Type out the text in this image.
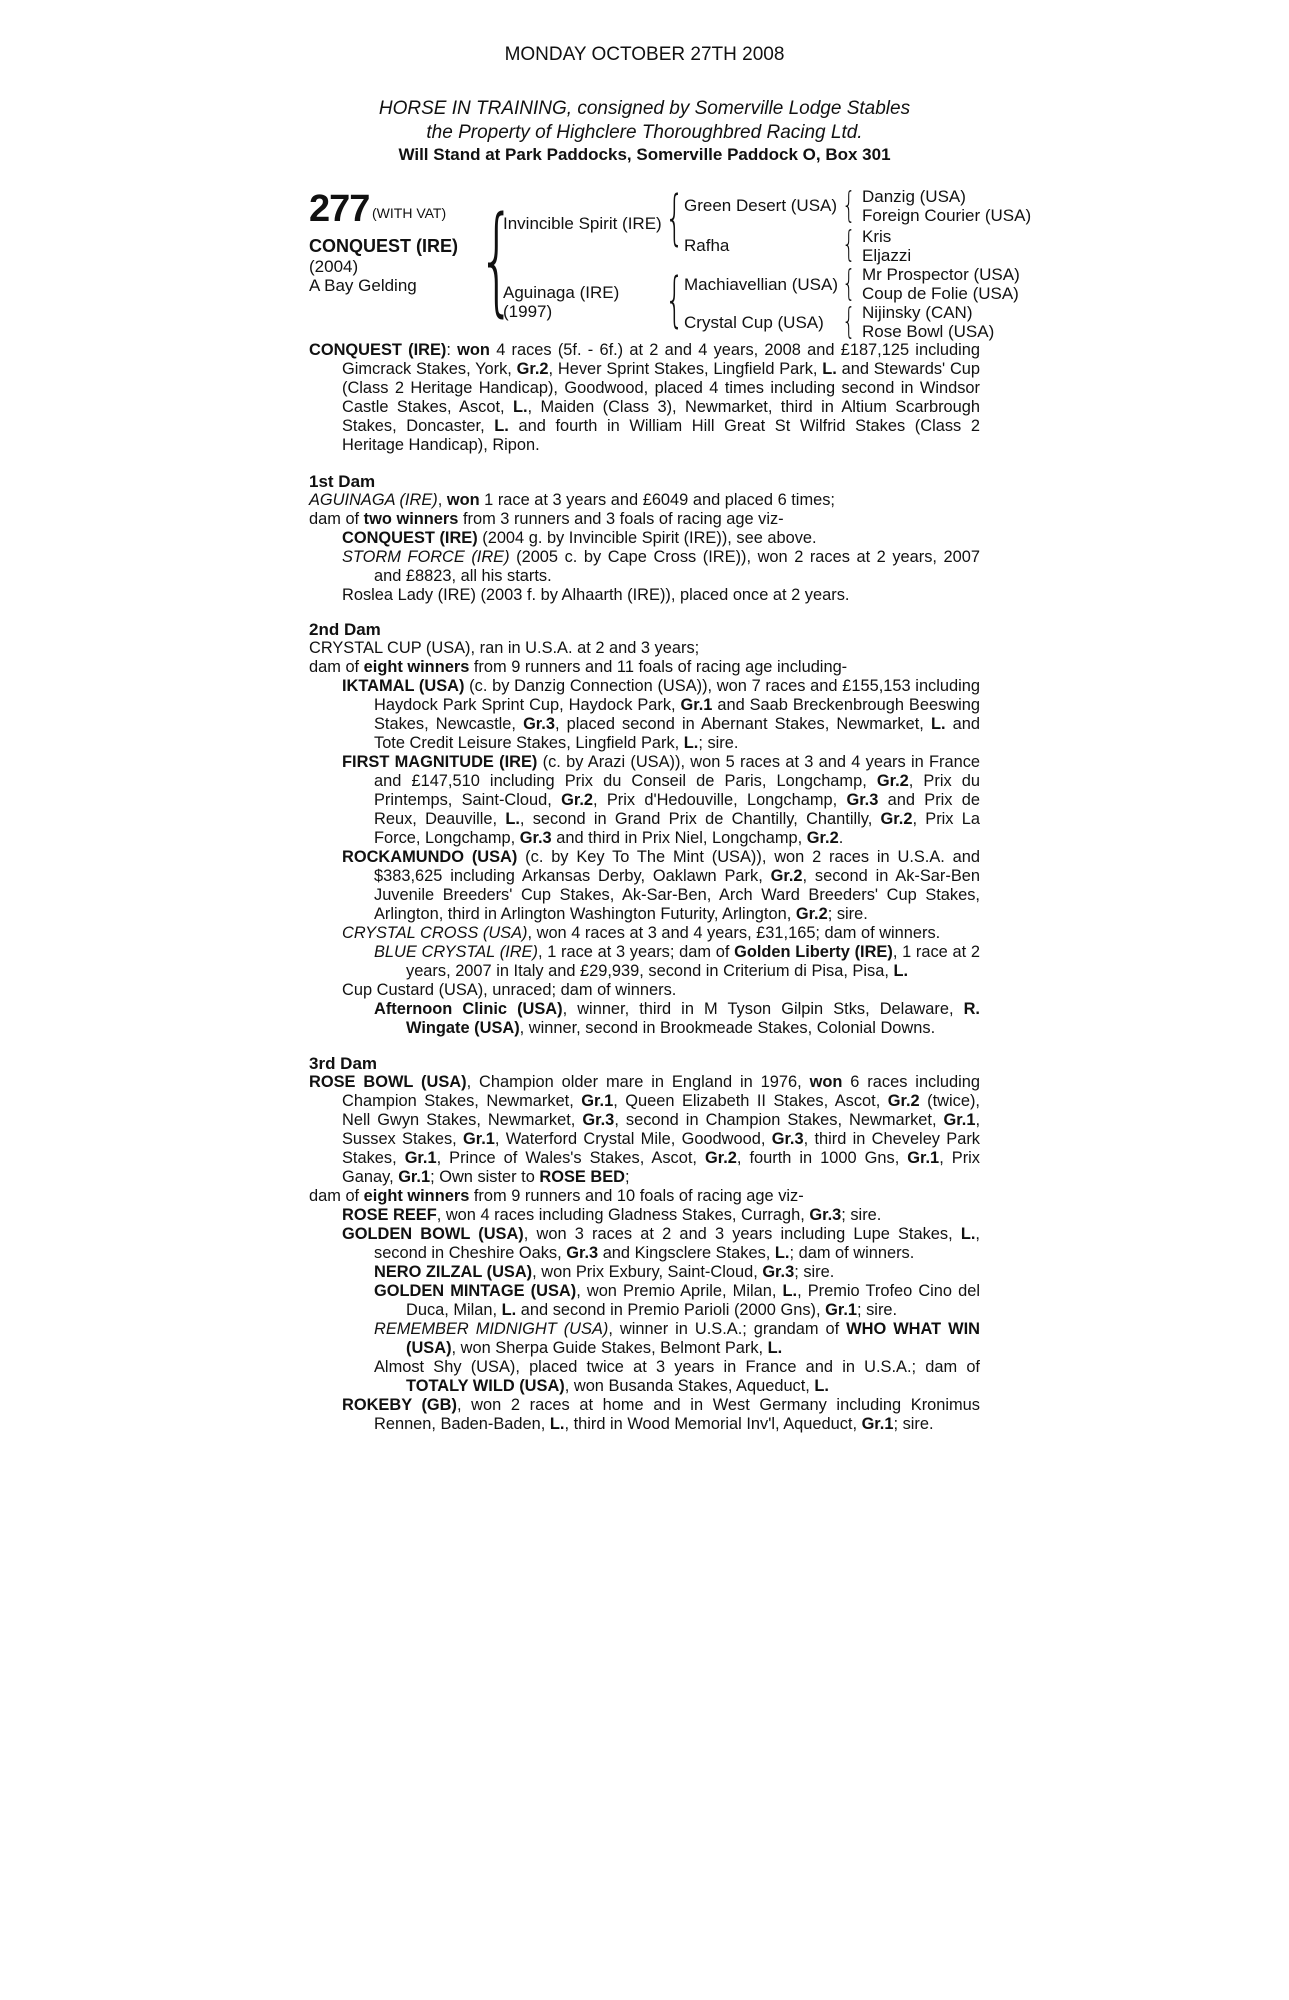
MONDAY OCTOBER 27TH 2008
HORSE IN TRAINING, consigned by Somerville Lodge Stables
the Property of Highclere Thoroughbred Racing Ltd.
Will Stand at Park Paddocks, Somerville Paddock O, Box 301
277 (WITH VAT)
CONQUEST (IRE)
(2004)
A Bay Gelding {
Invincible Spirit (IRE)
Aguinaga (IRE)
(1997)
{ Green Desert (USA)
Rafha
{ Machiavellian (USA)
Crystal Cup (USA)
{ Danzig (USA)
Foreign Courier (USA)
{ Kris
Eljazzi
{ Mr Prospector (USA)
Coup de Folie (USA)
{ Nijinsky (CAN)
Rose Bowl (USA)

CONQUEST (IRE): won 4 races (5f. - 6f.) at 2 and 4 years, 2008 and £187,125 including Gimcrack Stakes, York, Gr.2, Hever Sprint Stakes, Lingfield Park, L. and Stewards' Cup (Class 2 Heritage Handicap), Goodwood, placed 4 times including second in Windsor Castle Stakes, Ascot, L., Maiden (Class 3), Newmarket, third in Altium Scarbrough Stakes, Doncaster, L. and fourth in William Hill Great St Wilfrid Stakes (Class 2 Heritage Handicap), Ripon.

1st Dam

AGUINAGA (IRE), won 1 race at 3 years and £6049 and placed 6 times;

dam of two winners from 3 runners and 3 foals of racing age viz-

CONQUEST (IRE) (2004 g. by Invincible Spirit (IRE)), see above.

STORM FORCE (IRE) (2005 c. by Cape Cross (IRE)), won 2 races at 2 years, 2007 and £8823, all his starts.

Roslea Lady (IRE) (2003 f. by Alhaarth (IRE)), placed once at 2 years.

2nd Dam

CRYSTAL CUP (USA), ran in U.S.A. at 2 and 3 years;

dam of eight winners from 9 runners and 11 foals of racing age including-

IKTAMAL (USA) (c. by Danzig Connection (USA)), won 7 races and £155,153 including Haydock Park Sprint Cup, Haydock Park, Gr.1 and Saab Breckenbrough Beeswing Stakes, Newcastle, Gr.3, placed second in Abernant Stakes, Newmarket, L. and Tote Credit Leisure Stakes, Lingfield Park, L.; sire.

FIRST MAGNITUDE (IRE) (c. by Arazi (USA)), won 5 races at 3 and 4 years in France and £147,510 including Prix du Conseil de Paris, Longchamp, Gr.2, Prix du Printemps, Saint-Cloud, Gr.2, Prix d'Hedouville, Longchamp, Gr.3 and Prix de Reux, Deauville, L., second in Grand Prix de Chantilly, Chantilly, Gr.2, Prix La Force, Longchamp, Gr.3 and third in Prix Niel, Longchamp, Gr.2.

ROCKAMUNDO (USA) (c. by Key To The Mint (USA)), won 2 races in U.S.A. and $383,625 including Arkansas Derby, Oaklawn Park, Gr.2, second in Ak-Sar-Ben Juvenile Breeders' Cup Stakes, Ak-Sar-Ben, Arch Ward Breeders' Cup Stakes, Arlington, third in Arlington Washington Futurity, Arlington, Gr.2; sire.

CRYSTAL CROSS (USA), won 4 races at 3 and 4 years, £31,165; dam of winners.

BLUE CRYSTAL (IRE), 1 race at 3 years; dam of Golden Liberty (IRE), 1 race at 2 years, 2007 in Italy and £29,939, second in Criterium di Pisa, Pisa, L.

Cup Custard (USA), unraced; dam of winners.

Afternoon Clinic (USA), winner, third in M Tyson Gilpin Stks, Delaware, R. Wingate (USA), winner, second in Brookmeade Stakes, Colonial Downs.

3rd Dam

ROSE BOWL (USA), Champion older mare in England in 1976, won 6 races including Champion Stakes, Newmarket, Gr.1, Queen Elizabeth II Stakes, Ascot, Gr.2 (twice), Nell Gwyn Stakes, Newmarket, Gr.3, second in Champion Stakes, Newmarket, Gr.1, Sussex Stakes, Gr.1, Waterford Crystal Mile, Goodwood, Gr.3, third in Cheveley Park Stakes, Gr.1, Prince of Wales's Stakes, Ascot, Gr.2, fourth in 1000 Gns, Gr.1, Prix Ganay, Gr.1; Own sister to ROSE BED;

dam of eight winners from 9 runners and 10 foals of racing age viz-

ROSE REEF, won 4 races including Gladness Stakes, Curragh, Gr.3; sire.

GOLDEN BOWL (USA), won 3 races at 2 and 3 years including Lupe Stakes, L., second in Cheshire Oaks, Gr.3 and Kingsclere Stakes, L.; dam of winners.

NERO ZILZAL (USA), won Prix Exbury, Saint-Cloud, Gr.3; sire.

GOLDEN MINTAGE (USA), won Premio Aprile, Milan, L., Premio Trofeo Cino del Duca, Milan, L. and second in Premio Parioli (2000 Gns), Gr.1; sire.

REMEMBER MIDNIGHT (USA), winner in U.S.A.; grandam of WHO WHAT WIN (USA), won Sherpa Guide Stakes, Belmont Park, L.

Almost Shy (USA), placed twice at 3 years in France and in U.S.A.; dam of TOTALY WILD (USA), won Busanda Stakes, Aqueduct, L.

ROKEBY (GB), won 2 races at home and in West Germany including Kronimus Rennen, Baden-Baden, L., third in Wood Memorial Inv'l, Aqueduct, Gr.1; sire.
